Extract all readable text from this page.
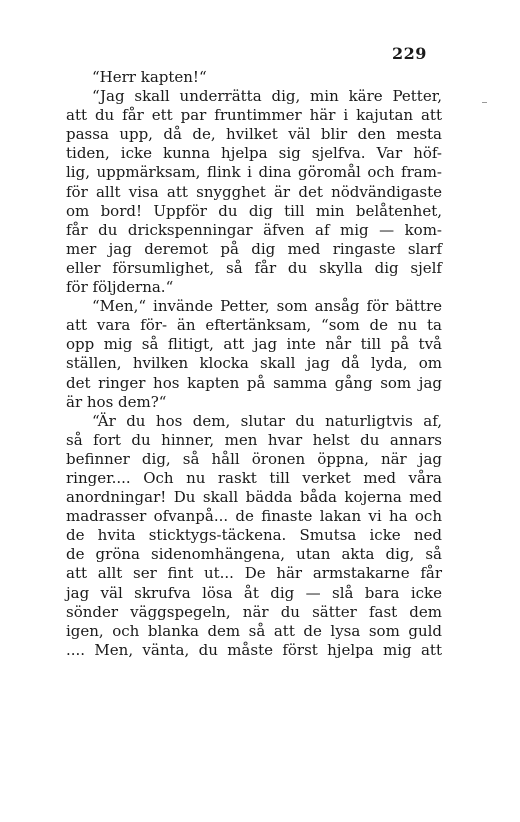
229
“Herr kapten!“
“Jag skall underrätta dig, min käre Petter,
att du får ett par fruntimmer här i kajutan att
passa upp, då de, hvilket väl blir den mesta
tiden, icke kunna hjelpa sig sjelfva. Var höf-
lig, uppmärksam, flink i dina göromål och fram-
för allt visa att snygghet är det nödvändigaste
om bord! Uppför du dig till min belåtenhet,
får du drickspenningar äfven af mig — kom-
mer jag deremot på dig med ringaste slarf
eller försumlighet, så får du skylla dig sjelf
för följderna.“
“Men,“ invände Petter, som ansåg för bättre
att vara för- än eftertänksam, “som de nu ta
opp mig så flitigt, att jag inte når till på två
ställen, hvilken klocka skall jag då lyda, om
det ringer hos kapten på samma gång som jag
är hos dem?“
“Är du hos dem, slutar du naturligtvis af,
så fort du hinner, men hvar helst du annars
befinner dig, så håll öronen öppna, när jag
ringer.... Och nu raskt till verket med våra
anordningar! Du skall bädda båda kojerna med
madrasser ofvanpå... de finaste lakan vi ha och
de hvita sticktygs-täckena. Smutsa icke ned
de gröna sidenomhängena, utan akta dig, så
att allt ser fint ut... De här armstakarne får
jag väl skrufva lösa åt dig — slå bara icke
sönder väggspegeln, när du sätter fast dem
igen, och blanka dem så att de lysa som guld
.... Men, vänta, du måste först hjelpa mig att
